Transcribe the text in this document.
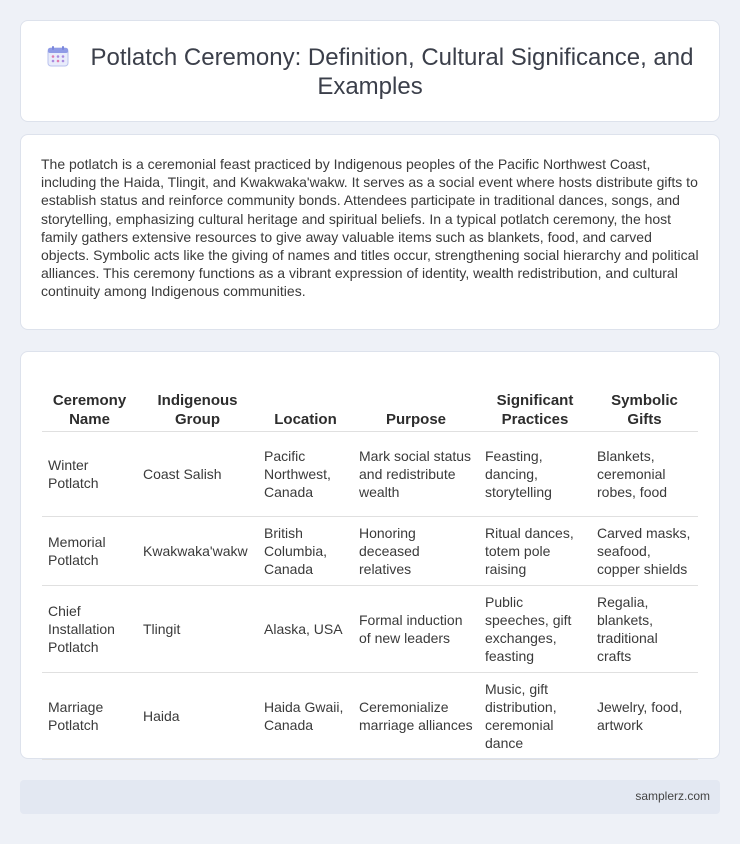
Potlatch Ceremony: Definition, Cultural Significance, and Examples

The potlatch is a ceremonial feast practiced by Indigenous peoples of the Pacific Northwest Coast, including the Haida, Tlingit, and Kwakwaka'wakw. It serves as a social event where hosts distribute gifts to establish status and reinforce community bonds. Attendees participate in traditional dances, songs, and storytelling, emphasizing cultural heritage and spiritual beliefs. In a typical potlatch ceremony, the host family gathers extensive resources to give away valuable items such as blankets, food, and carved objects. Symbolic acts like the giving of names and titles occur, strengthening social hierarchy and political alliances. This ceremony functions as a vibrant expression of identity, wealth redistribution, and cultural continuity among Indigenous communities.

Ceremony Name	Indigenous Group	Location	Purpose	Significant Practices	Symbolic Gifts
Winter Potlatch	Coast Salish	Pacific Northwest, Canada	Mark social status and redistribute wealth	Feasting, dancing, storytelling	Blankets, ceremonial robes, food
Memorial Potlatch	Kwakwaka'wakw	British Columbia, Canada	Honoring deceased relatives	Ritual dances, totem pole raising	Carved masks, seafood, copper shields
Chief Installation Potlatch	Tlingit	Alaska, USA	Formal induction of new leaders	Public speeches, gift exchanges, feasting	Regalia, blankets, traditional crafts
Marriage Potlatch	Haida	Haida Gwaii, Canada	Ceremonialize marriage alliances	Music, gift distribution, ceremonial dance	Jewelry, food, artwork
samplerz.com
